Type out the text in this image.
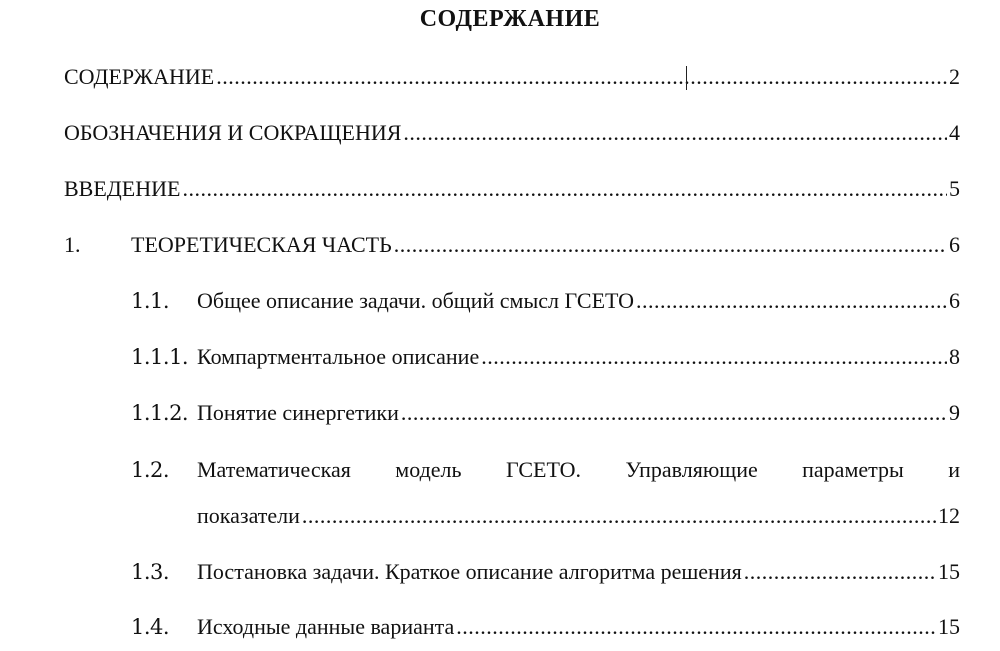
СОДЕРЖАНИЕ
СОДЕРЖАНИЕ .....	2
ОБОЗНАЧЕНИЯ И СОКРАЩЕНИЯ .....	4
ВВЕДЕНИЕ .....	5
1.	ТЕОРЕТИЧЕСКАЯ ЧАСТЬ .....	6
1.1.	Общее описание задачи. общий смысл ГСЕТО .....	6
1.1.1. Компартментальное описание .....	8
1.1.2. Понятие синергетики .....	9
1.2. Математическая модель ГСЕТО. Управляющие параметры и
показатели .....	12
1.3.	Постановка задачи. Краткое описание алгоритма решения .....	15
1.4.	Исходные данные варианта .....	15
